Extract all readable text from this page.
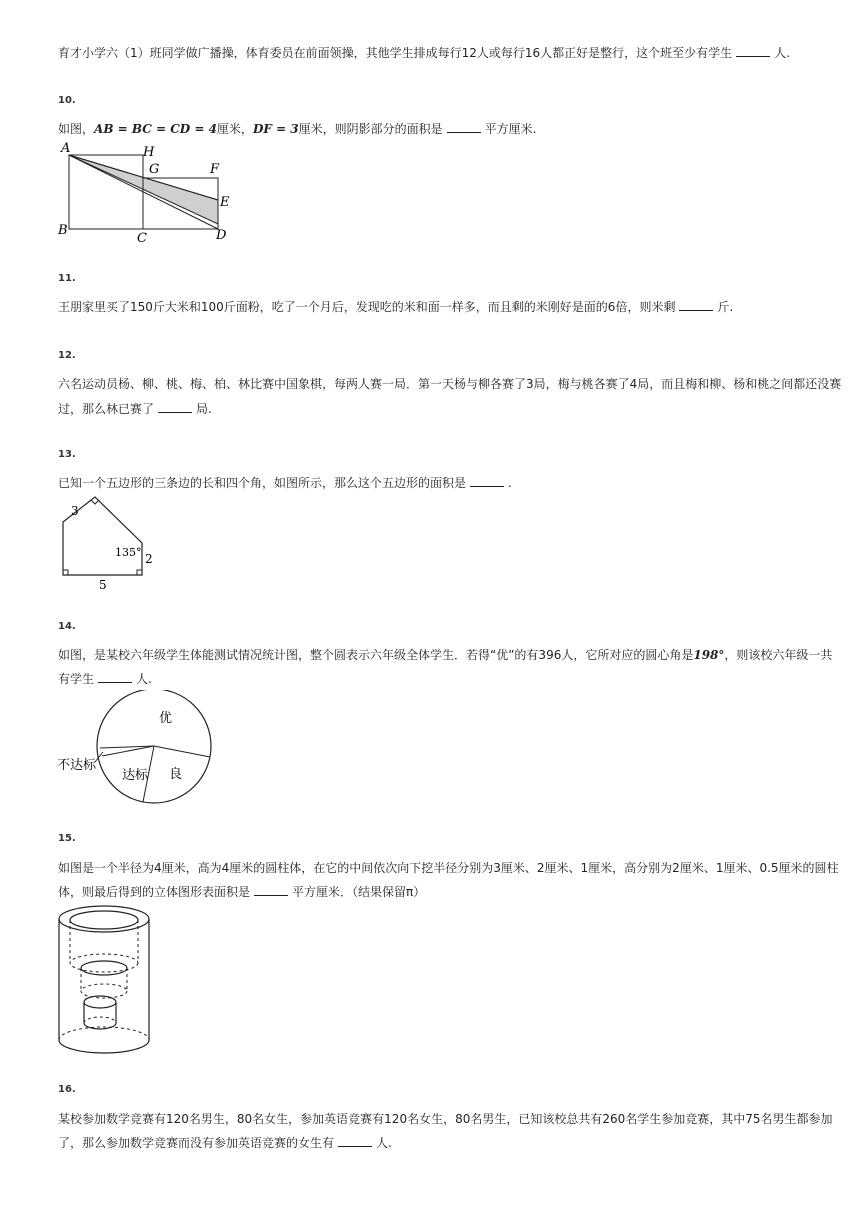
育才小学六（1）班同学做广播操，体育委员在前面领操，其他学生排成每行12人或每行16人都正好是整行，这个班至少有学生	人.
10.
如图，AB = BC = CD = 4厘米，DF = 3厘米，则阴影部分的面积是	平方厘米.
A	H
G	F
E
B
C	D
11.
王朋家里买了150斤大米和100斤面粉，吃了一个月后，发现吃的米和面一样多，而且剩的米刚好是面的6倍，则米剩	斤.
12.
六名运动员杨、柳、桃、梅、柏、林比赛中国象棋，每两人赛一局．第一天杨与柳各赛了3局，梅与桃各赛了4局，而且梅和柳、杨和桃之间都还没赛
过，那么林已赛了	局.
13.
已知一个五边形的三条边的长和四个角，如图所示，那么这个五边形的面积是	.
3
135° 2
5
14.
如图，是某校六年级学生体能测试情况统计图，整个圆表示六年级全体学生．若得“优”的有396人，它所对应的圆心角是198°，则该校六年级一共
有学生	人.
优
良
达标
不达标
15.
如图是一个半径为4厘米，高为4厘米的圆柱体，在它的中间依次向下挖半径分别为3厘米、2厘米、1厘米，高分别为2厘米、1厘米、0.5厘米的圆柱
体，则最后得到的立体图形表面积是	平方厘米．（结果保留π）
16.
某校参加数学竞赛有120名男生，80名女生，参加英语竞赛有120名女生，80名男生，已知该校总共有260名学生参加竞赛，其中75名男生都参加
了，那么参加数学竞赛而没有参加英语竞赛的女生有	人.
